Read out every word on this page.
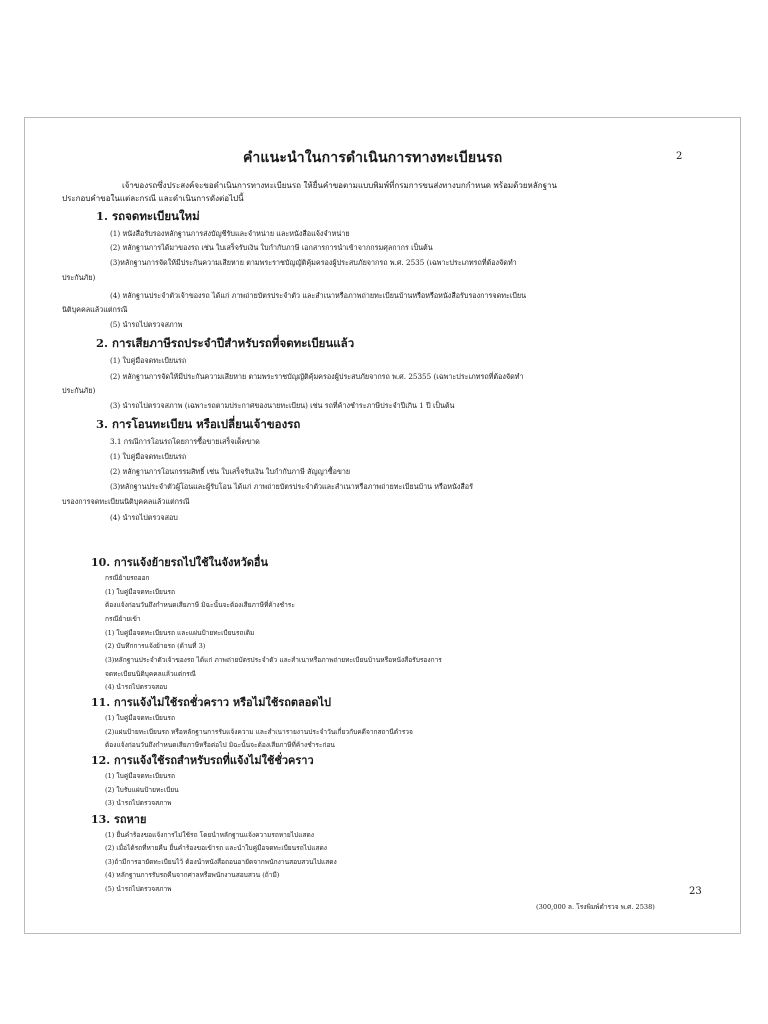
คำแนะนำในการดำเนินการทางทะเบียนรถ	2
เจ้าของรถซึ่งประสงค์จะขอดำเนินการทางทะเบียนรถ ให้ยื่นคำขอตามแบบพิมพ์ที่กรมการขนส่งทางบกกำหนด พร้อมด้วยหลักฐาน
ประกอบคำขอในแต่ละกรณี และดำเนินการดังต่อไปนี้
1. รถจดทะเบียนใหม่
(1) หนังสือรับรองหลักฐานการส่งบัญชีรับและจำหน่าย และหนังสือแจ้งจำหน่าย
(2) หลักฐานการได้มาของรถ เช่น ใบเสร็จรับเงิน ใบกำกับภาษี เอกสารการนำเข้าจากกรมศุลกากร เป็นต้น
(3)หลักฐานการจัดให้มีประกันความเสียหาย ตามพระราชบัญญัติคุ้มครองผู้ประสบภัยจากรถ พ.ศ. 2535 (เฉพาะประเภทรถที่ต้องจัดทำ
ประกันภัย)
(4) หลักฐานประจำตัวเจ้าของรถ ได้แก่ ภาพถ่ายบัตรประจำตัว และสำเนาหรือภาพถ่ายทะเบียนบ้านหรือหรือหนังสือรับรองการจดทะเบียน
นิติบุคคลแล้วแต่กรณี
(5) นำรถไปตรวจสภาพ
2. การเสียภาษีรถประจำปีสำหรับรถที่จดทะเบียนแล้ว
(1) ใบคู่มือจดทะเบียนรถ
(2) หลักฐานการจัดให้มีประกันความเสียหาย ตามพระราชบัญญัติคุ้มครองผู้ประสบภัยจากรถ พ.ศ. 25355 (เฉพาะประเภทรถที่ต้องจัดทำ
ประกันภัย)
(3) นำรถไปตรวจสภาพ (เฉพาะรถตามประกาศของนายทะเบียน) เช่น รถที่ค้างชำระภาษีประจำปีเกิน 1 ปี เป็นต้น
3. การโอนทะเบียน หรือเปลี่ยนเจ้าของรถ
3.1 กรณีการโอนรถโดยการซื้อขายเสร็จเด็ดขาด
(1) ใบคู่มือจดทะเบียนรถ
(2) หลักฐานการโอนกรรมสิทธิ์ เช่น ใบเสร็จรับเงิน ใบกำกับภาษี สัญญาซื้อขาย
(3)หลักฐานประจำตัวผู้โอนและผู้รับโอน ได้แก่ ภาพถ่ายบัตรประจำตัวและสำเนาหรือภาพถ่ายทะเบียนบ้าน หรือหนังสือรั
บรองการจดทะเบียนนิติบุคคลแล้วแต่กรณี
(4) นำรถไปตรวจสอบ
10. การแจ้งย้ายรถไปใช้ในจังหวัดอื่น
กรณีย้ายรถออก
(1) ใบคู่มือจดทะเบียนรถ
ต้องแจ้งก่อนวันถึงกำหนดเสียภาษี มิฉะนั้นจะต้องเสียภาษีที่ค้างชำระ
กรณีย้ายเข้า
(1) ใบคู่มือจดทะเบียนรถ และแผ่นป้ายทะเบียนรถเดิม
(2) บันทึกการแจ้งย้ายรถ (ด้านที่ 3)
(3)หลักฐานประจำตัวเจ้าของรถ ได้แก่ ภาพถ่ายบัตรประจำตัว และสำเนาหรือภาพถ่ายทะเบียนบ้านหรือหนังสือรับรองการ
จดทะเบียนนิติบุคคลแล้วแต่กรณี
(4) นำรถไปตรวจสอบ
11. การแจ้งไม่ใช้รถชั่วคราว หรือไม่ใช้รถตลอดไป
(1) ใบคู่มือจดทะเบียนรถ
(2)แผ่นป้ายทะเบียนรถ หรือหลักฐานการรับแจ้งความ และสำเนารายงานประจำวันเกี่ยวกับคดีจากสถานีตำรวจ
ต้องแจ้งก่อนวันถึงกำหนดเสียภาษีหรือต่อไป มิฉะนั้นจะต้องเสียภาษีที่ค้างชำระก่อน
12. การแจ้งใช้รถสำหรับรถที่แจ้งไม่ใช้ชั่วคราว
(1) ใบคู่มือจดทะเบียนรถ
(2) ใบรับแผ่นป้ายทะเบียน
(3) นำรถไปตรวจสภาพ
13. รถหาย
(1) ยื่นคำร้องขอแจ้งการไม่ใช้รถ โดยนำหลักฐานแจ้งความรถหายไปแสดง
(2) เมื่อได้รถที่หายคืน ยื่นคำร้องขอเข้ารถ และนำใบคู่มือจดทะเบียนรถไปแสดง
(3)ถ้ามีการอายัดทะเบียนไว้ ต้องนำหนังสือถอนอายัดจากพนักงานสอบสวนไปแสดง
(4) หลักฐานการรับรถคืนจากศาลหรือพนักงานสอบสวน (ถ้ามี)
(5) นำรถไปตรวจสภาพ	23
(300,000 ล. โรงพิมพ์ตำรวจ พ.ศ. 2538)
